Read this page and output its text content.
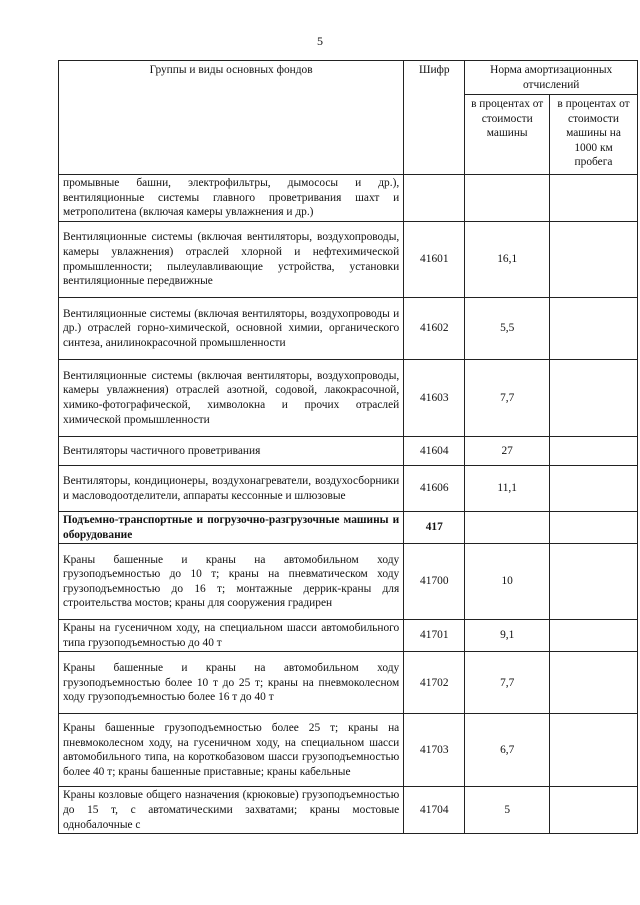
5
Группы и виды основных фондов	Шифр	Норма амортизационных отчислений	
		в процентах от стоимости машины	в процентах от стоимости машины на 1000 км пробега
промывные башни, электрофильтры, дымососы и др.), вентиляционные системы главного проветривания шахт и метрополитена (включая камеры увлажнения и др.)			
Вентиляционные системы (включая вентиляторы, воздухопроводы, камеры увлажнения) отраслей хлорной и нефтехимической промышленности; пылеулавливающие устройства, установки вентиляционные передвижные	41601	16,1	
Вентиляционные системы (включая вентиляторы, воздухопроводы и др.) отраслей горно-химической, основной химии, органического синтеза, анилинокрасочной промышленности	41602	5,5	
Вентиляционные системы (включая вентиляторы, воздухопроводы, камеры увлажнения) отраслей азотной, содовой, лакокрасочной, химико-фотографической, химволокна и прочих отраслей химической промышленности	41603	7,7	
Вентиляторы частичного проветривания	41604	27	
Вентиляторы, кондиционеры, воздухонагреватели, воздухосборники и масловодоотделители, аппараты кессонные и шлюзовые	41606	11,1	
Подъемно-транспортные и погрузочно-разгрузочные машины и оборудование	417		
Краны башенные и краны на автомобильном ходу грузоподъемностью до 10 т; краны на пневматическом ходу грузоподъемностью до 16 т; монтажные деррик-краны для строительства мостов; краны для сооружения градирен	41700	10	
Краны на гусеничном ходу, на специальном шасси автомобильного типа грузоподъемностью до 40 т	41701	9,1	
Краны башенные и краны на автомобильном ходу грузоподъемностью более 10 т до 25 т; краны на пневмоколесном ходу грузоподъемностью более 16 т до 40 т	41702	7,7	
Краны башенные грузоподъемностью более 25 т; краны на пневмоколесном ходу, на гусеничном ходу, на специальном шасси автомобильного типа, на короткобазовом шасси грузоподъемностью более 40 т; краны башенные приставные; краны кабельные	41703	6,7	
Краны козловые общего назначения (крюковые) грузоподъемностью до 15 т, с автоматическими захватами; краны мостовые однобалочные с	41704	5	
